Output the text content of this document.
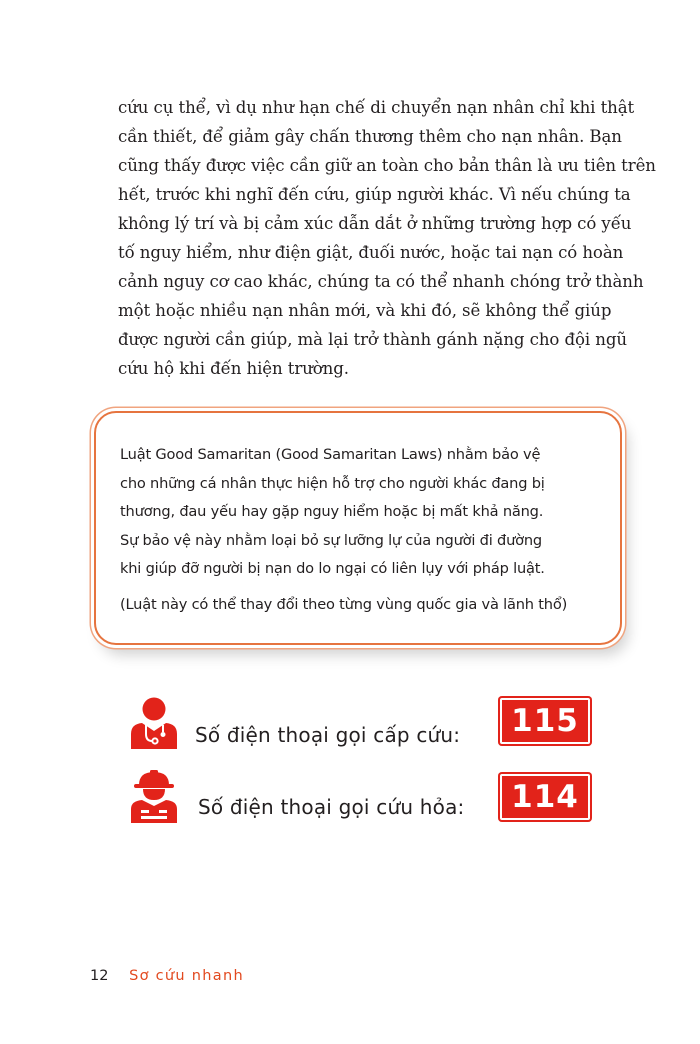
cứu cụ thể, vì dụ như hạn chế di chuyển nạn nhân chỉ khi thật
cần thiết, để giảm gây chấn thương thêm cho nạn nhân. Bạn
cũng thấy được việc cần giữ an toàn cho bản thân là ưu tiên trên
hết, trước khi nghĩ đến cứu, giúp người khác. Vì nếu chúng ta
không lý trí và bị cảm xúc dẫn dắt ở những trường hợp có yếu
tố nguy hiểm, như điện giật, đuối nước, hoặc tai nạn có hoàn
cảnh nguy cơ cao khác, chúng ta có thể nhanh chóng trở thành
một hoặc nhiều nạn nhân mới, và khi đó, sẽ không thể giúp
được người cần giúp, mà lại trở thành gánh nặng cho đội ngũ
cứu hộ khi đến hiện trường.
Luật Good Samaritan (Good Samaritan Laws) nhằm bảo vệ
cho những cá nhân thực hiện hỗ trợ cho người khác đang bị
thương, đau yếu hay gặp nguy hiểm hoặc bị mất khả năng.
Sự bảo vệ này nhằm loại bỏ sự lưỡng lự của người đi đường
khi giúp đỡ người bị nạn do lo ngại có liên lụy với pháp luật.
(Luật này có thể thay đổi theo từng vùng quốc gia và lãnh thổ)
Số điện thoại gọi cấp cứu:	115
Số điện thoại gọi cứu hỏa:	114
12 Sơ cứu nhanh
